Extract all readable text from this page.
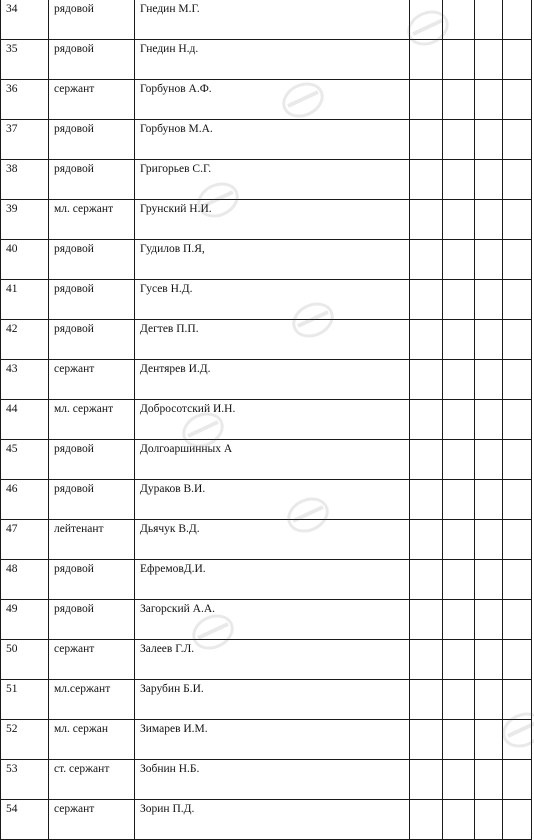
34	рядовой	Гнедин М.Г.				
35	рядовой	Гнедин Н.д.				
36	сержант	Горбунов А.Ф.				
37	рядовой	Горбунов М.А.				
38	рядовой	Григорьев С.Г.				
39	мл. сержант	Грунский Н.И.				
40	рядовой	Гудилов П.Я,				
41	рядовой	Гусев Н.Д.				
42	рядовой	Дегтев П.П.				
43	сержант	Дентярев И.Д.				
44	мл. сержант	Добросотский И.Н.				
45	рядовой	Долгоаршинных А				
46	рядовой	Дураков В.И.				
47	лейтенант	Дьячук В.Д.				
48	рядовой	ЕфремовД.И.				
49	рядовой	Загорский А.А.				
50	сержант	Залеев Г.Л.				
51	мл.сержант	Зарубин Б.И.				
52	мл. сержан	Зимарев И.М.				
53	ст. сержант	Зобнин Н.Б.				
54	сержант	Зорин П.Д.				
